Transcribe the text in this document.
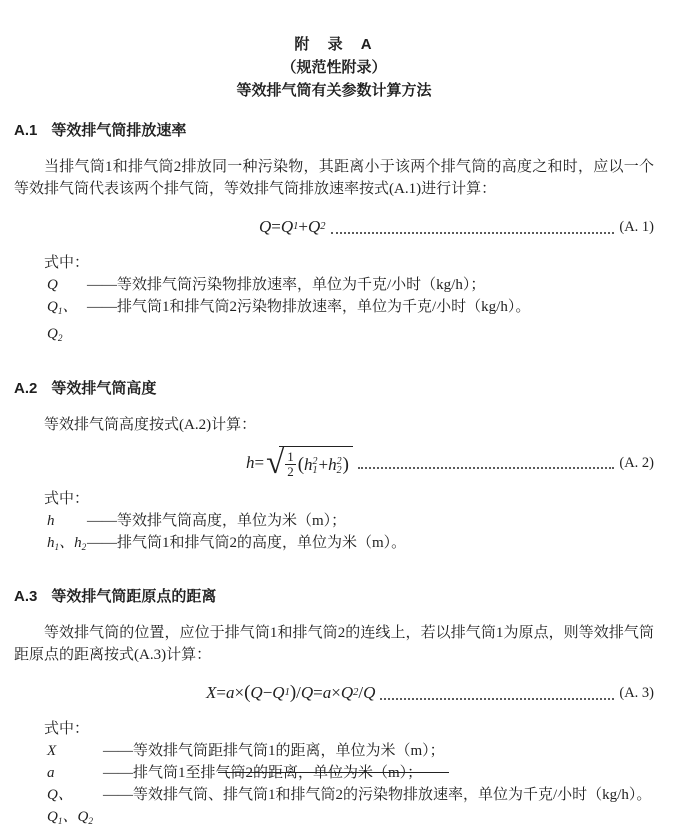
附 录 A
（规范性附录）
等效排气筒有关参数计算方法
A.1 等效排气筒排放速率

当排气筒1和排气筒2排放同一种污染物，其距离小于该两个排气筒的高度之和时，应以一个等效排气筒代表该两个排气筒，等效排气筒排放速率按式(A.1)进行计算：

Q = Q 1 + Q 2	(A. 1)

式中：

Q	—— 等效排气筒污染物排放速率，单位为千克/小时（kg/h）；
$Q_1$、$Q_2$
—— 排气筒1和排气筒2污染物排放速率，单位为千克/小时（kg/h）。
A.2 等效排气筒高度

等效排气筒高度按式(A.2)计算：

h = √ $\frac{1}{2}$ ( h 2
1 + h 2
2 )	(A. 2)

式中：

h	—— 等效排气筒高度，单位为米（m）；
$h_1$、$h_2$ —— 排气筒1和排气筒2的高度，单位为米（m）。
A.3 等效排气筒距原点的距离

等效排气筒的位置，应位于排气筒1和排气筒2的连线上，若以排气筒1为原点，则等效排气筒距原点的距离按式(A.3)计算：

X = a × ( Q − Q 1 ) / Q = a × Q 2 / Q	(A. 3)

式中：

X	—— 等效排气筒距排气筒1的距离，单位为米（m）；
a	—— 排气筒1至排气筒2的距离，单位为米（m）；
Q、$Q_1$、$Q_2$
—— 等效排气筒、排气筒1和排气筒2的污染物排放速率，单位为千克/小时（kg/h）。
